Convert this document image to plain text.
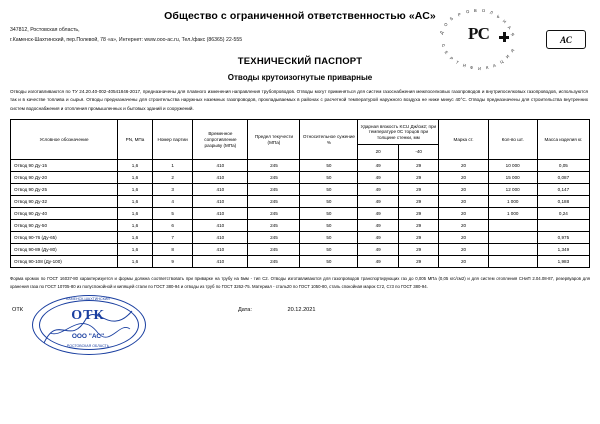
Д
О
Б
Р
О В О Л
Ь
Н
А
Я
С
Е
Р
Т
И Ф И К А
Ц
И
Я
РС	АС
Общество с ограниченной ответственностью «АС»
347812, Ростовская область,
г.Каменск-Шахтинский, пер.Полевой, 78 «а», Интернет: www.ooo-ac.ru, Тел./факс (86365) 22-555
ТЕХНИЧЕСКИЙ ПАСПОРТ
Отводы крутоизогнутые приварные
Отводы изготавливаются по ТУ 24.20.40-002-40541846-2017, предназначены для плавного изменения направления трубопроводов. Отводы могут применяться для систем газоснабжения межпоселковых газопроводов и внутрипоселковых газопроводов, используются так и в качестве топлива и сырья. Отводы предназначены для строительства наружных наземных газопроводов, прокладываемых в районах с расчетной температурой наружного воздуха не ниже минус 40°С. Отводы предназначены для строительства внутренних систем водоснабжения и отопления промышленных и бытовых зданий и сооружений.
Условное обозначение	PN, МПа	Номер партии	Временное сопротивление разрыву (МПа)	Предел текучести (МПа)	Относительное сужение %	Ударная вязкость KCU Дж/см2; при температуре 0С торцов при толщине стенки, мм		Марка ст.	Кол-во шт.	Масса изделия кг.
						20	-40			
Отвод 90 Ду-15	1,6	1	410	245	50	49	29	20	10 000	0,05
Отвод 90 Ду-20	1,6	2	410	245	50	49	29	20	15 000	0,087
Отвод 90 Ду-25	1,6	3	410	245	50	49	29	20	12 000	0,147
Отвод 90 Ду-32	1,6	4	410	245	50	49	29	20	1 000	0,188
Отвод 90 Ду-40	1,6	5	410	245	50	49	29	20	1 000	0,24
Отвод 90 Ду-50	1,6	6	410	245	50	49	29	20		
Отвод 90-76 (Ду-65)	1,6	7	410	245	50	49	29	20		0,975
Отвод 90-89 (Ду-80)	1,6	8	410	245	50	49	29	20		1,349
Отвод 90-108 (Ду-100)	1,6	9	410	245	50	49	29	20		1,983
Форма кромок по ГОСТ 16037-80 характеризуется и формы должна соответствовать при приварке на трубу на 5мм - тип С2. Отводы изготавливаются для газопроводов транспортирующих газ до 0,005 МПа (0,05 кгс/см2) и для систем отопления СНиП 2.04.08-87, резервуаров для хранения газа по ГОСТ 10705-80 из полуспокойной и кипящей стали по ГОСТ 380-94 и отводы из труб по ГОСТ 3262-75. Материал - сталь20 по ГОСТ 1050-80, сталь спокойная марок Ст2, Ст3 по ГОСТ 380-94.
ОТК
КАМЕНСК-ШАХТИНСКИЙ
ОТК
ООО "АС"
РОСТОВСКАЯ ОБЛАСТЬ
Дата:	20.12.2021
